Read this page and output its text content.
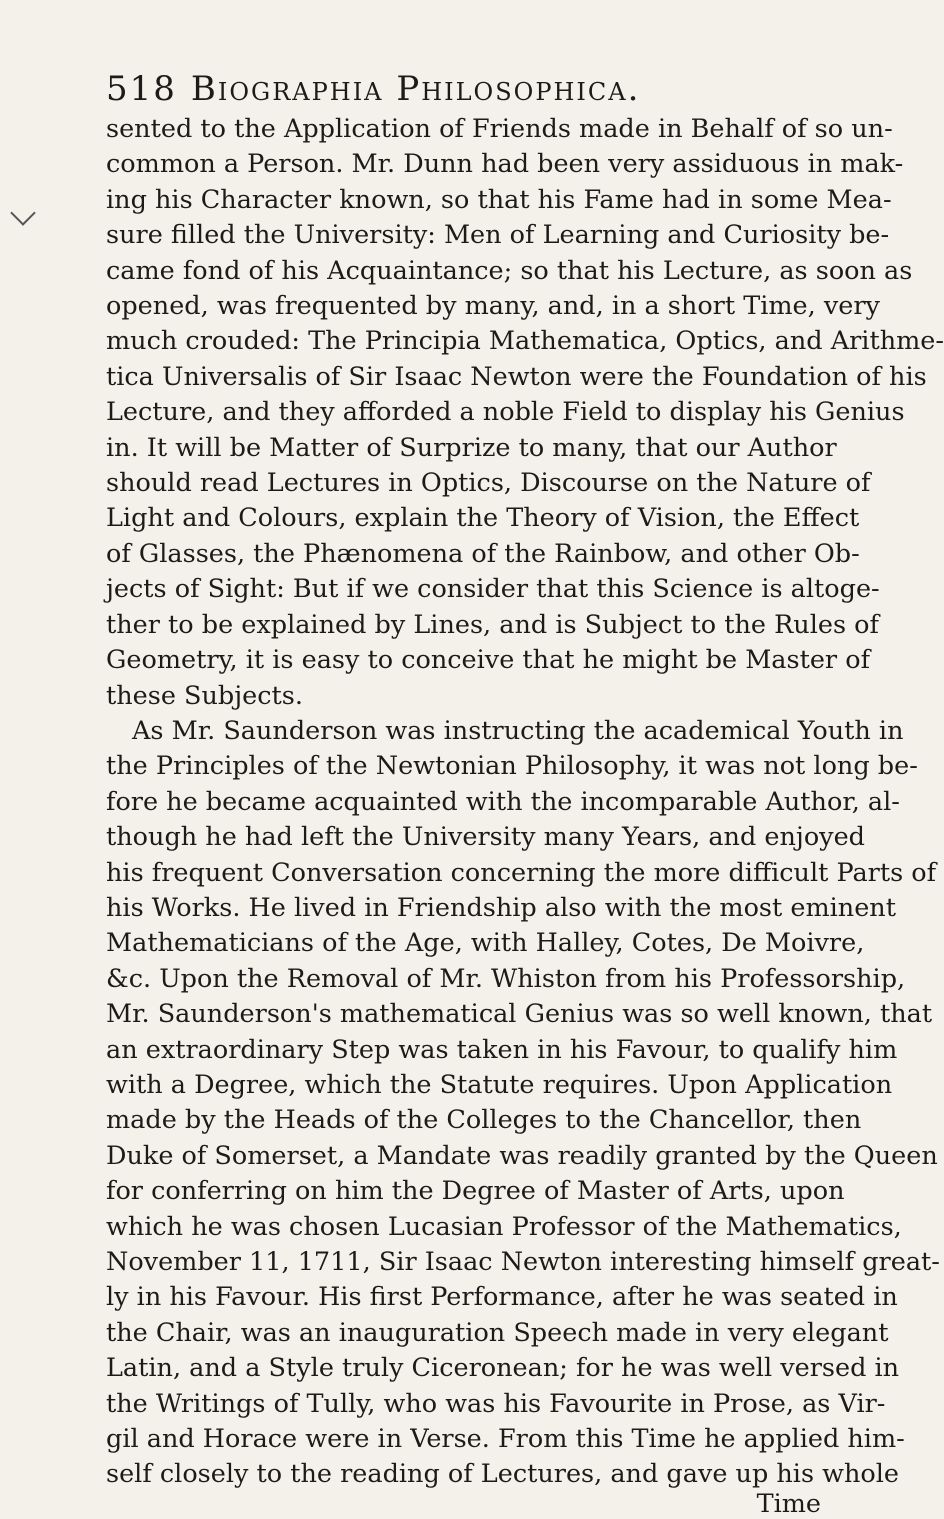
518 Biographia Philosophica.
sented to the Application of Friends made in Behalf of so un-
common a Person. Mr. Dunn had been very assiduous in mak-
ing his Character known, so that his Fame had in some Mea-
sure filled the University: Men of Learning and Curiosity be-
came fond of his Acquaintance; so that his Lecture, as soon as
opened, was frequented by many, and, in a short Time, very
much crouded: The Principia Mathematica, Optics, and Arithme-
tica Universalis of Sir Isaac Newton were the Foundation of his
Lecture, and they afforded a noble Field to display his Genius
in. It will be Matter of Surprize to many, that our Author
should read Lectures in Optics, Discourse on the Nature of
Light and Colours, explain the Theory of Vision, the Effect
of Glasses, the Phænomena of the Rainbow, and other Ob-
jects of Sight: But if we consider that this Science is altoge-
ther to be explained by Lines, and is Subject to the Rules of
Geometry, it is easy to conceive that he might be Master of
these Subjects.
As Mr. Saunderson was instructing the academical Youth in
the Principles of the Newtonian Philosophy, it was not long be-
fore he became acquainted with the incomparable Author, al-
though he had left the University many Years, and enjoyed
his frequent Conversation concerning the more difficult Parts of
his Works. He lived in Friendship also with the most eminent
Mathematicians of the Age, with Halley, Cotes, De Moivre,
&c. Upon the Removal of Mr. Whiston from his Professorship,
Mr. Saunderson's mathematical Genius was so well known, that
an extraordinary Step was taken in his Favour, to qualify him
with a Degree, which the Statute requires. Upon Application
made by the Heads of the Colleges to the Chancellor, then
Duke of Somerset, a Mandate was readily granted by the Queen
for conferring on him the Degree of Master of Arts, upon
which he was chosen Lucasian Professor of the Mathematics,
November 11, 1711, Sir Isaac Newton interesting himself great-
ly in his Favour. His first Performance, after he was seated in
the Chair, was an inauguration Speech made in very elegant
Latin, and a Style truly Ciceronean; for he was well versed in
the Writings of Tully, who was his Favourite in Prose, as Vir-
gil and Horace were in Verse. From this Time he applied him-
self closely to the reading of Lectures, and gave up his whole
Time
